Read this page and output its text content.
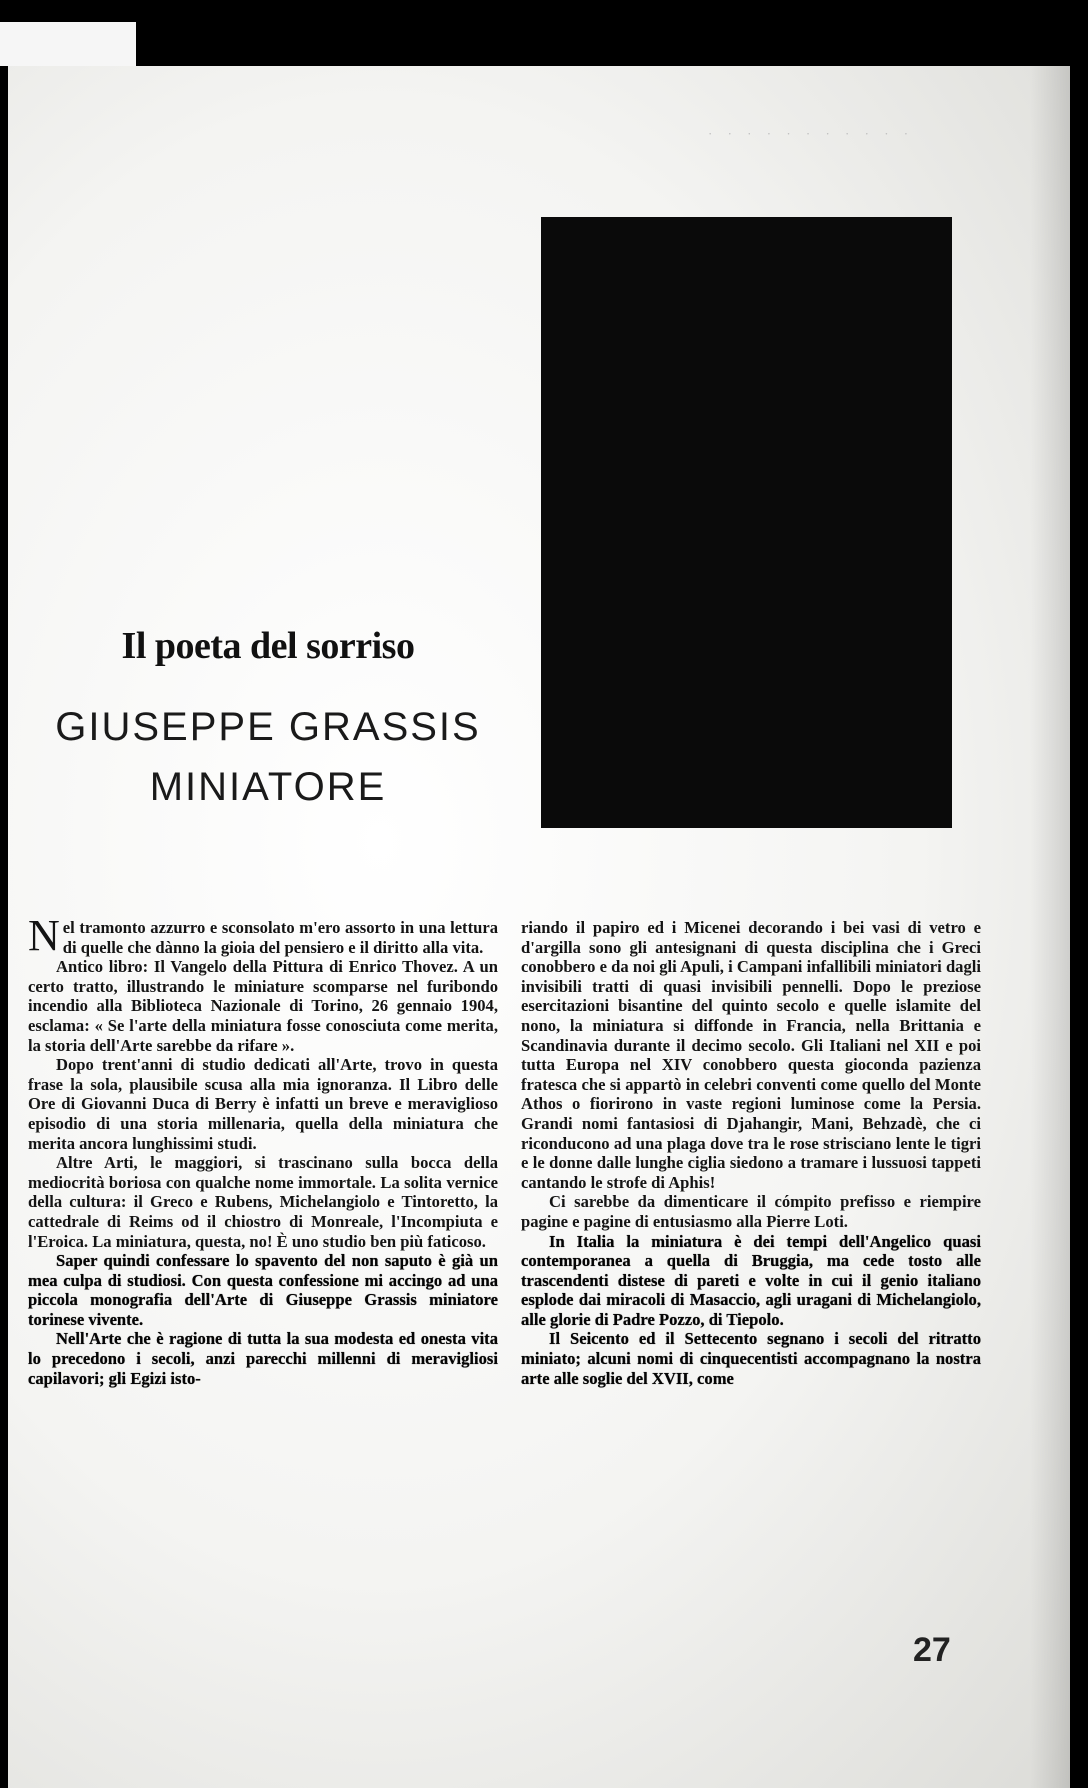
· · · · · · · · · · ·
Il poeta del sorriso
GIUSEPPE GRASSIS
MINIATORE

Nel tramonto azzurro e sconsolato m'ero assorto in una lettura di quelle che dànno la gioia del pensiero e il diritto alla vita.

Antico libro: Il Vangelo della Pittura di Enrico Thovez. A un certo tratto, illustrando le miniature scomparse nel furibondo incendio alla Biblioteca Nazionale di Torino, 26 gennaio 1904, esclama: « Se l'arte della miniatura fosse conosciuta come merita, la storia dell'Arte sarebbe da rifare ».

Dopo trent'anni di studio dedicati all'Arte, trovo in questa frase la sola, plausibile scusa alla mia ignoranza. Il Libro delle Ore di Giovanni Duca di Berry è infatti un breve e meraviglioso episodio di una storia millenaria, quella della miniatura che merita ancora lunghissimi studi.

Altre Arti, le maggiori, si trascinano sulla bocca della mediocrità boriosa con qualche nome immortale. La solita vernice della cultura: il Greco e Rubens, Michelangiolo e Tintoretto, la cattedrale di Reims od il chiostro di Monreale, l'Incompiuta e l'Eroica. La miniatura, questa, no! È uno studio ben più faticoso.

Saper quindi confessare lo spavento del non saputo è già un mea culpa di studiosi. Con questa confessione mi accingo ad una piccola monografia dell'Arte di Giuseppe Grassis miniatore torinese vivente.

Nell'Arte che è ragione di tutta la sua modesta ed onesta vita lo precedono i secoli, anzi parecchi millenni di meravigliosi capilavori; gli Egizi isto-

riando il papiro ed i Micenei decorando i bei vasi di vetro e d'argilla sono gli antesignani di questa disciplina che i Greci conobbero e da noi gli Apuli, i Campani infallibili miniatori dagli invisibili tratti di quasi invisibili pennelli. Dopo le preziose esercitazioni bisantine del quinto secolo e quelle islamite del nono, la miniatura si diffonde in Francia, nella Brittania e Scandinavia durante il decimo secolo. Gli Italiani nel XII e poi tutta Europa nel XIV conobbero questa gioconda pazienza fratesca che si appartò in celebri conventi come quello del Monte Athos o fiorirono in vaste regioni luminose come la Persia. Grandi nomi fantasiosi di Djahangir, Mani, Behzadè, che ci riconducono ad una plaga dove tra le rose strisciano lente le tigri e le donne dalle lunghe ciglia siedono a tramare i lussuosi tappeti cantando le strofe di Aphis!

Ci sarebbe da dimenticare il cómpito prefisso e riempire pagine e pagine di entusiasmo alla Pierre Loti.

In Italia la miniatura è dei tempi dell'Angelico quasi contemporanea a quella di Bruggia, ma cede tosto alle trascendenti distese di pareti e volte in cui il genio italiano esplode dai miracoli di Masaccio, agli uragani di Michelangiolo, alle glorie di Padre Pozzo, di Tiepolo.

Il Seicento ed il Settecento segnano i secoli del ritratto miniato; alcuni nomi di cinquecentisti accompagnano la nostra arte alle soglie del XVII, come

27
